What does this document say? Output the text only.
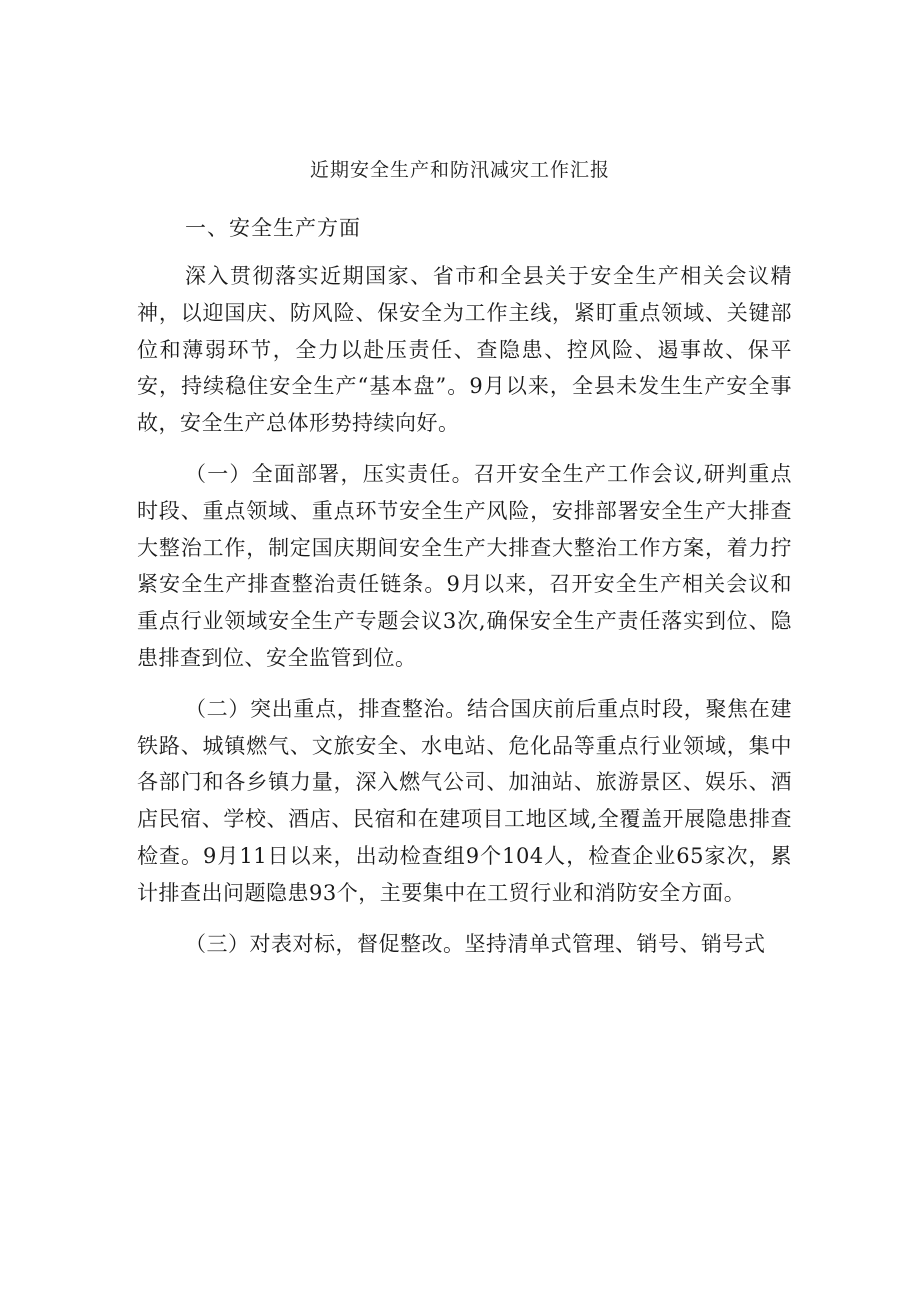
近期安全生产和防汛减灾工作汇报

一、安全生产方面

深入贯彻落实近期国家、省市和全县关于安全生产相关会议精神，以迎国庆、防风险、保安全为工作主线，紧盯重点领域、关键部位和薄弱环节，全力以赴压责任、查隐患、控风险、遏事故、保平安，持续稳住安全生产“基本盘”。9月以来，全县未发生生产安全事故，安全生产总体形势持续向好。

（一）全面部署，压实责任。召开安全生产工作会议,研判重点时段、重点领域、重点环节安全生产风险，安排部署安全生产大排查大整治工作，制定国庆期间安全生产大排查大整治工作方案，着力拧紧安全生产排查整治责任链条。9月以来，召开安全生产相关会议和重点行业领域安全生产专题会议3次,确保安全生产责任落实到位、隐患排查到位、安全监管到位。

（二）突出重点，排查整治。结合国庆前后重点时段，聚焦在建铁路、城镇燃气、文旅安全、水电站、危化品等重点行业领域，集中各部门和各乡镇力量，深入燃气公司、加油站、旅游景区、娱乐、酒店民宿、学校、酒店、民宿和在建项目工地区域,全覆盖开展隐患排查检查。9月11日以来，出动检查组9个104人，检查企业65家次，累计排查出问题隐患93个，主要集中在工贸行业和消防安全方面。

（三）对表对标，督促整改。坚持清单式管理、销号、销号式
